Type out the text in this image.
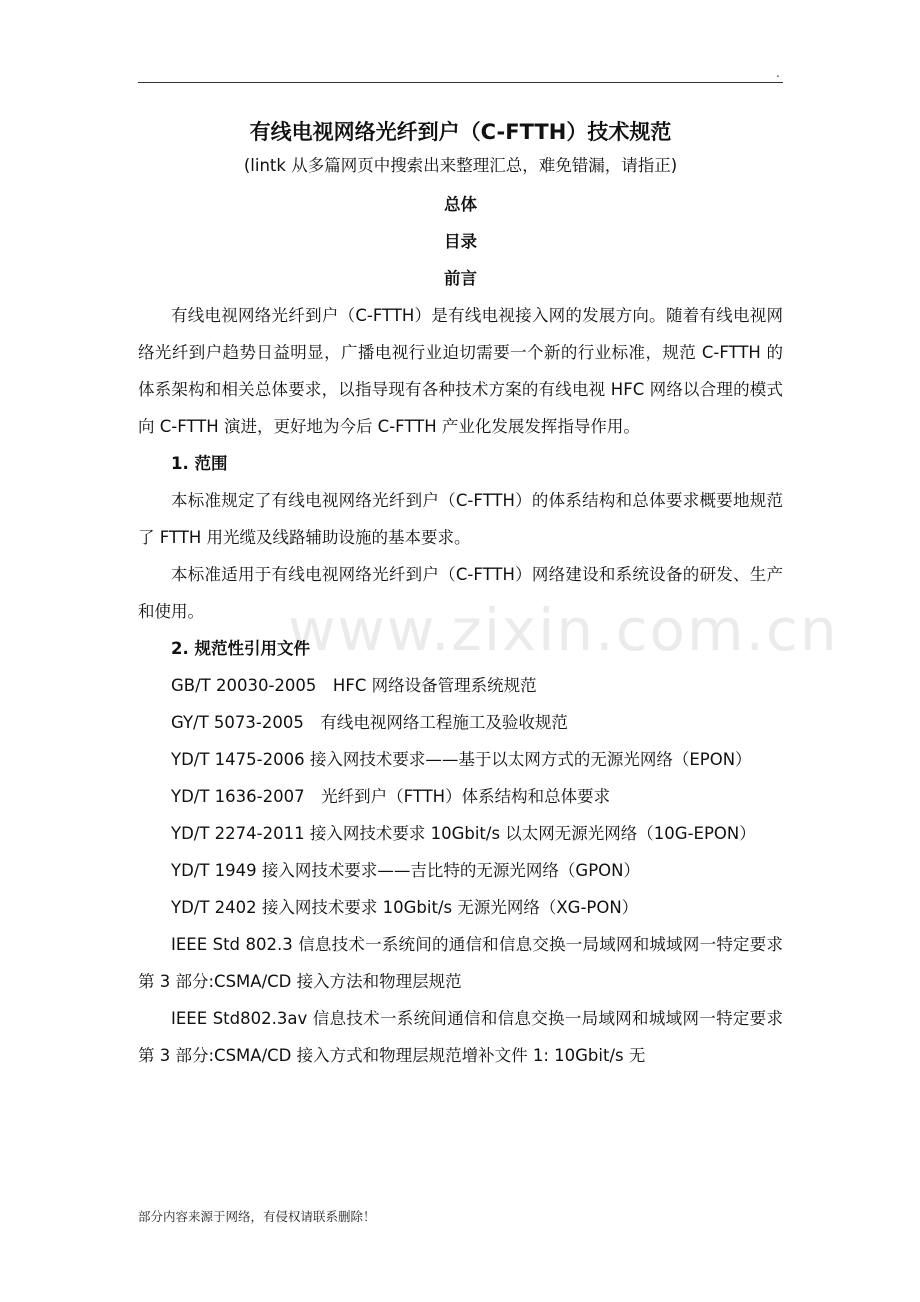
.
www.zixin.com.cn

有线电视网络光纤到户（C-FTTH）技术规范

(lintk 从多篇网页中搜索出来整理汇总，难免错漏，请指正)

总体

目录

前言

有线电视网络光纤到户（C-FTTH）是有线电视接入网的发展方向。随着有线电视网络光纤到户趋势日益明显，广播电视行业迫切需要一个新的行业标准，规范 C-FTTH 的体系架构和相关总体要求，以指导现有各种技术方案的有线电视 HFC 网络以合理的模式向 C-FTTH 演进，更好地为今后 C-FTTH 产业化发展发挥指导作用。

1. 范围

本标准规定了有线电视网络光纤到户（C-FTTH）的体系结构和总体要求概要地规范了 FTTH 用光缆及线路辅助设施的基本要求。

本标准适用于有线电视网络光纤到户（C-FTTH）网络建设和系统设备的研发、生产和使用。

2. 规范性引用文件

GB/T 20030-2005　HFC 网络设备管理系统规范

GY/T 5073-2005　有线电视网络工程施工及验收规范

YD/T 1475-2006 接入网技术要求——基于以太网方式的无源光网络（EPON）

YD/T 1636-2007　光纤到户（FTTH）体系结构和总体要求

YD/T 2274-2011 接入网技术要求 10Gbit/s 以太网无源光网络（10G-EPON）

YD/T 1949 接入网技术要求——吉比特的无源光网络（GPON）

YD/T 2402 接入网技术要求 10Gbit/s 无源光网络（XG-PON）

IEEE Std 802.3 信息技术一系统间的通信和信息交换一局域网和城域网一特定要求第 3 部分:CSMA/CD 接入方法和物理层规范

IEEE Std802.3av 信息技术一系统间通信和信息交换一局域网和城域网一特定要求第 3 部分:CSMA/CD 接入方式和物理层规范增补文件 1: 10Gbit/s 无

部分内容来源于网络，有侵权请联系删除！
